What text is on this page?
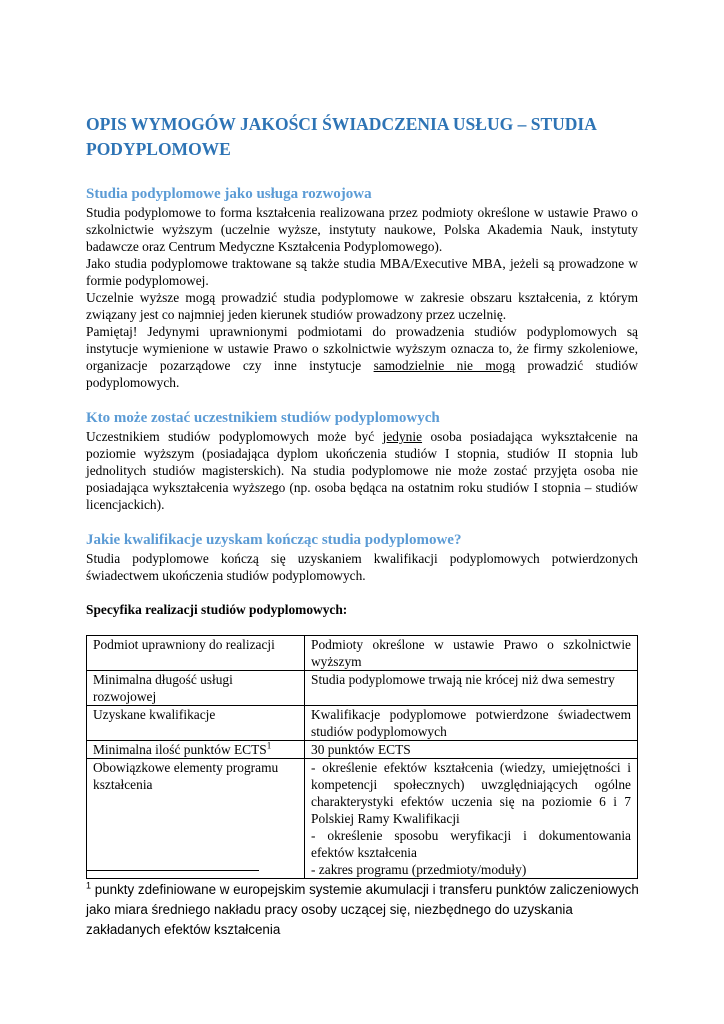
OPIS WYMOGÓW JAKOŚCI ŚWIADCZENIA USŁUG – STUDIA PODYPLOMOWE
Studia podyplomowe jako usługa rozwojowa

Studia podyplomowe to forma kształcenia realizowana przez podmioty określone w ustawie Prawo o szkolnictwie wyższym (uczelnie wyższe, instytuty naukowe, Polska Akademia Nauk, instytuty badawcze oraz Centrum Medyczne Kształcenia Podyplomowego).

Jako studia podyplomowe traktowane są także studia MBA/Executive MBA, jeżeli są prowadzone w formie podyplomowej.

Uczelnie wyższe mogą prowadzić studia podyplomowe w zakresie obszaru kształcenia, z którym związany jest co najmniej jeden kierunek studiów prowadzony przez uczelnię.

Pamiętaj! Jedynymi uprawnionymi podmiotami do prowadzenia studiów podyplomowych są instytucje wymienione w ustawie Prawo o szkolnictwie wyższym oznacza to, że firmy szkoleniowe, organizacje pozarządowe czy inne instytucje samodzielnie nie mogą prowadzić studiów podyplomowych.

Kto może zostać uczestnikiem studiów podyplomowych

Uczestnikiem studiów podyplomowych może być jedynie osoba posiadająca wykształcenie na poziomie wyższym (posiadająca dyplom ukończenia studiów I stopnia, studiów II stopnia lub jednolitych studiów magisterskich). Na studia podyplomowe nie może zostać przyjęta osoba nie posiadająca wykształcenia wyższego (np. osoba będąca na ostatnim roku studiów I stopnia – studiów licencjackich).

Jakie kwalifikacje uzyskam kończąc studia podyplomowe?

Studia podyplomowe kończą się uzyskaniem kwalifikacji podyplomowych potwierdzonych świadectwem ukończenia studiów podyplomowych.

Specyfika realizacji studiów podyplomowych:

Podmiot uprawniony do realizacji	Podmioty określone w ustawie Prawo o szkolnictwie wyższym
Minimalna długość usługi rozwojowej	Studia podyplomowe trwają nie krócej niż dwa semestry
Uzyskane kwalifikacje	Kwalifikacje podyplomowe potwierdzone świadectwem studiów podyplomowych
Minimalna ilość punktów ECTS$^1$	30 punktów ECTS
Obowiązkowe elementy programu kształcenia	- określenie efektów kształcenia (wiedzy, umiejętności i kompetencji społecznych) uwzględniających ogólne charakterystyki efektów uczenia się na poziomie 6 i 7 Polskiej Ramy Kwalifikacji
- określenie sposobu weryfikacji i dokumentowania efektów kształcenia
- zakres programu (przedmioty/moduły)
$^1$ punkty zdefiniowane w europejskim systemie akumulacji i transferu punktów zaliczeniowych jako miara średniego nakładu pracy osoby uczącej się, niezbędnego do uzyskania zakładanych efektów kształcenia
